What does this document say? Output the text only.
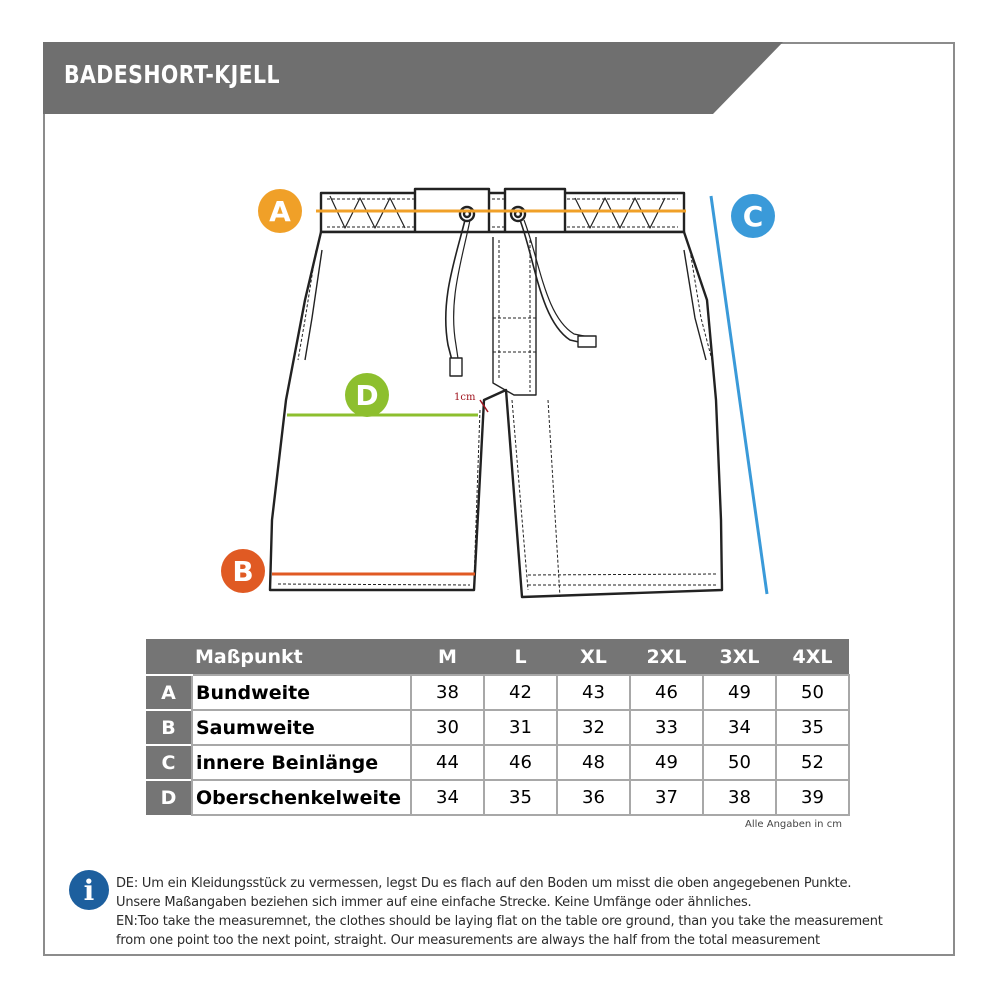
BADESHORT-KJELL
A
B
C
D	1cm
	Maßpunkt	M	L	XL	2XL	3XL	4XL
A	Bundweite	38	42	43	46	49	50
B	Saumweite	30	31	32	33	34	35
C	innere Beinlänge	44	46	48	49	50	52
D	Oberschenkelweite	34	35	36	37	38	39
Alle Angaben in cm
i	DE: Um ein Kleidungsstück zu vermessen, legst Du es flach auf den Boden um misst die oben angegebenen Punkte.
Unsere Maßangaben beziehen sich immer auf eine einfache Strecke. Keine Umfänge oder ähnliches.
EN:Too take the measuremnet, the clothes should be laying flat on the table ore ground, than you take the measurement
from one point too the next point, straight. Our measurements are always the half from the total measurement
